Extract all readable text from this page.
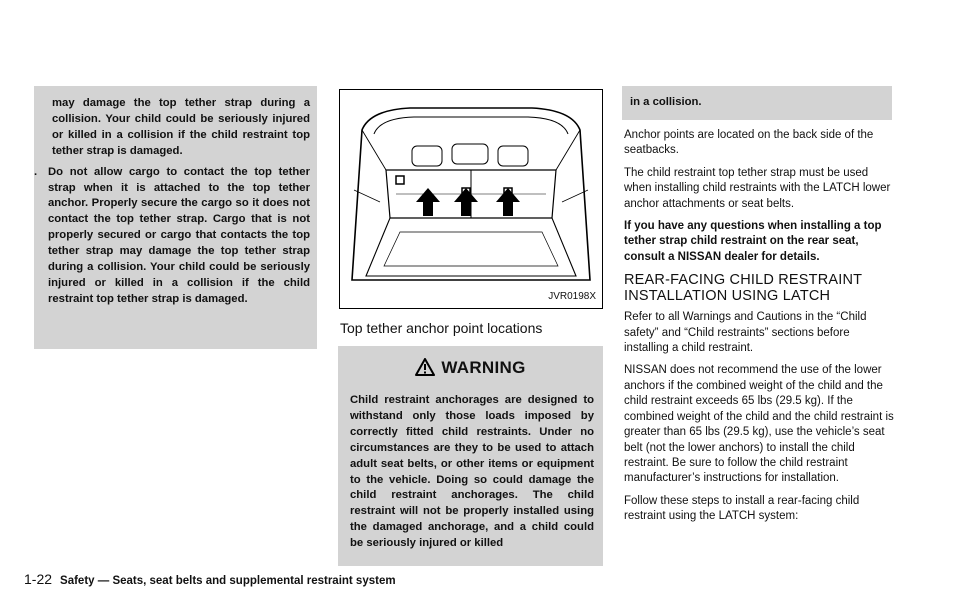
may damage the top tether strap during a collision. Your child could be seriously injured or killed in a collision if the child restraint top tether strap is damaged.

. Do not allow cargo to contact the top tether strap when it is attached to the top tether anchor. Properly secure the cargo so it does not contact the top tether strap. Cargo that is not properly secured or cargo that contacts the top tether strap may damage the top tether strap during a collision. Your child could be seriously injured or killed in a collision if the child restraint top tether strap is damaged.	JVR0198X
Top tether anchor point locations
WARNING
Child restraint anchorages are designed to withstand only those loads imposed by correctly fitted child restraints. Under no circumstances are they to be used to attach adult seat belts, or other items or equipment to the vehicle. Doing so could damage the child restraint anchorages. The child restraint will not be properly installed using the damaged anchorage, and a child could be seriously injured or killed
in a collision.

Anchor points are located on the back side of the seatbacks.

The child restraint top tether strap must be used when installing child restraints with the LATCH lower anchor attachments or seat belts.

If you have any questions when installing a top tether strap child restraint on the rear seat, consult a NISSAN dealer for details.

REAR-FACING CHILD RESTRAINT INSTALLATION USING LATCH

Refer to all Warnings and Cautions in the “Child safety” and “Child restraints” sections before installing a child restraint.

NISSAN does not recommend the use of the lower anchors if the combined weight of the child and the child restraint exceeds 65 lbs (29.5 kg). If the combined weight of the child and the child restraint is greater than 65 lbs (29.5 kg), use the vehicle’s seat belt (not the lower anchors) to install the child restraint. Be sure to follow the child restraint manufacturer’s instructions for installation.

Follow these steps to install a rear-facing child restraint using the LATCH system:

1-22 Safety — Seats, seat belts and supplemental restraint system
